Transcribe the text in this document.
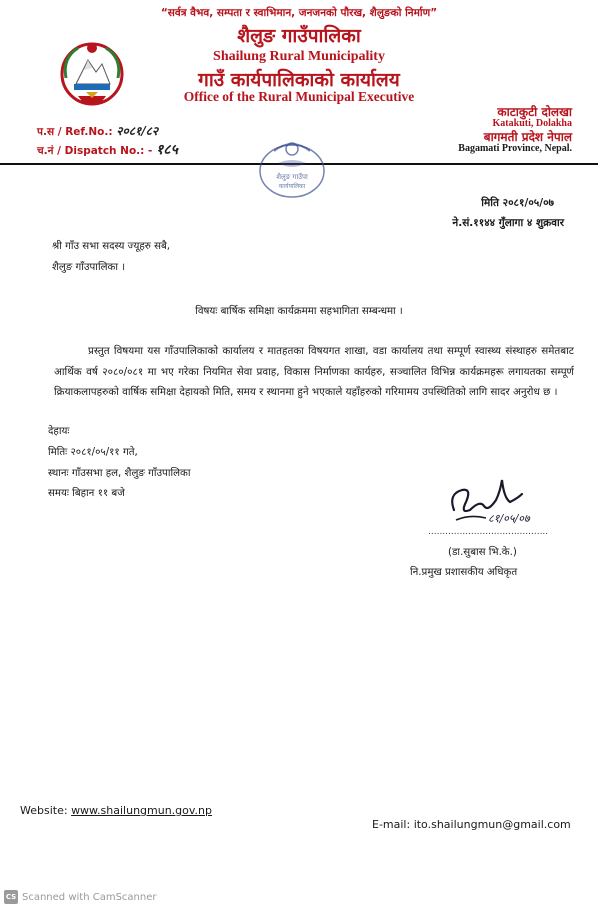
“सर्वत्र वैभव, सम्पता र स्वाभिमान, जनजनको पौरख, शैलुङको निर्माण”
शैलुङ गाउँपालिका
Shailung Rural Municipality
गाउँ कार्यपालिकाको कार्यालय
Office of the Rural Municipal Executive
काटाकुटी दोलखा
Katakuti, Dolakha
बागमती प्रदेश नेपाल
Bagamati Province, Nepal.
प.स / Ref.No.: २०८१/८२
च.नं / Dispatch No.: - १८५
शैलुङ गाउँपा
कार्यपालिका
मिति २०८१/०५/०७
ने.सं.११४४ गुँलागा ४ शुक्रवार
श्री गाँउ सभा सदस्य ज्यूहरु सबै,
शैलुङ गाँउपालिका ।
विषयः बार्षिक समिक्षा कार्यक्रममा सहभागिता सम्बन्धमा ।
प्रस्तुत विषयमा यस गाँउपालिकाको कार्यालय र मातहतका विषयगत शाखा, वडा कार्यालय तथा सम्पूर्ण स्वास्थ्य संस्थाहरु समेतबाट आर्थिक वर्ष २०८०/०८१ मा भए गरेका नियमित सेवा प्रवाह, विकास निर्माणका कार्यहरु, सञ्चालित विभिन्न कार्यक्रमहरू लगायतका सम्पूर्ण क्रियाकलापहरुको वार्षिक समिक्षा देहायको मिति, समय र स्थानमा हुने भएकाले यहाँहरुको गरिमामय उपस्थितिको लागि सादर अनुरोध छ ।
देहायः
मितिः २०८१/०५/११ गते,
स्थानः गाँउसभा हल, शैलुङ गाँउपालिका
समयः बिहान ११ बजे
८१/०५/०७
..........................................
(डा.सुबास भि.के.)
नि.प्रमुख प्रशासकीय अधिकृत
Website: www.shailungmun.gov.np
E-mail: ito.shailungmun@gmail.com
CS Scanned with CamScanner
